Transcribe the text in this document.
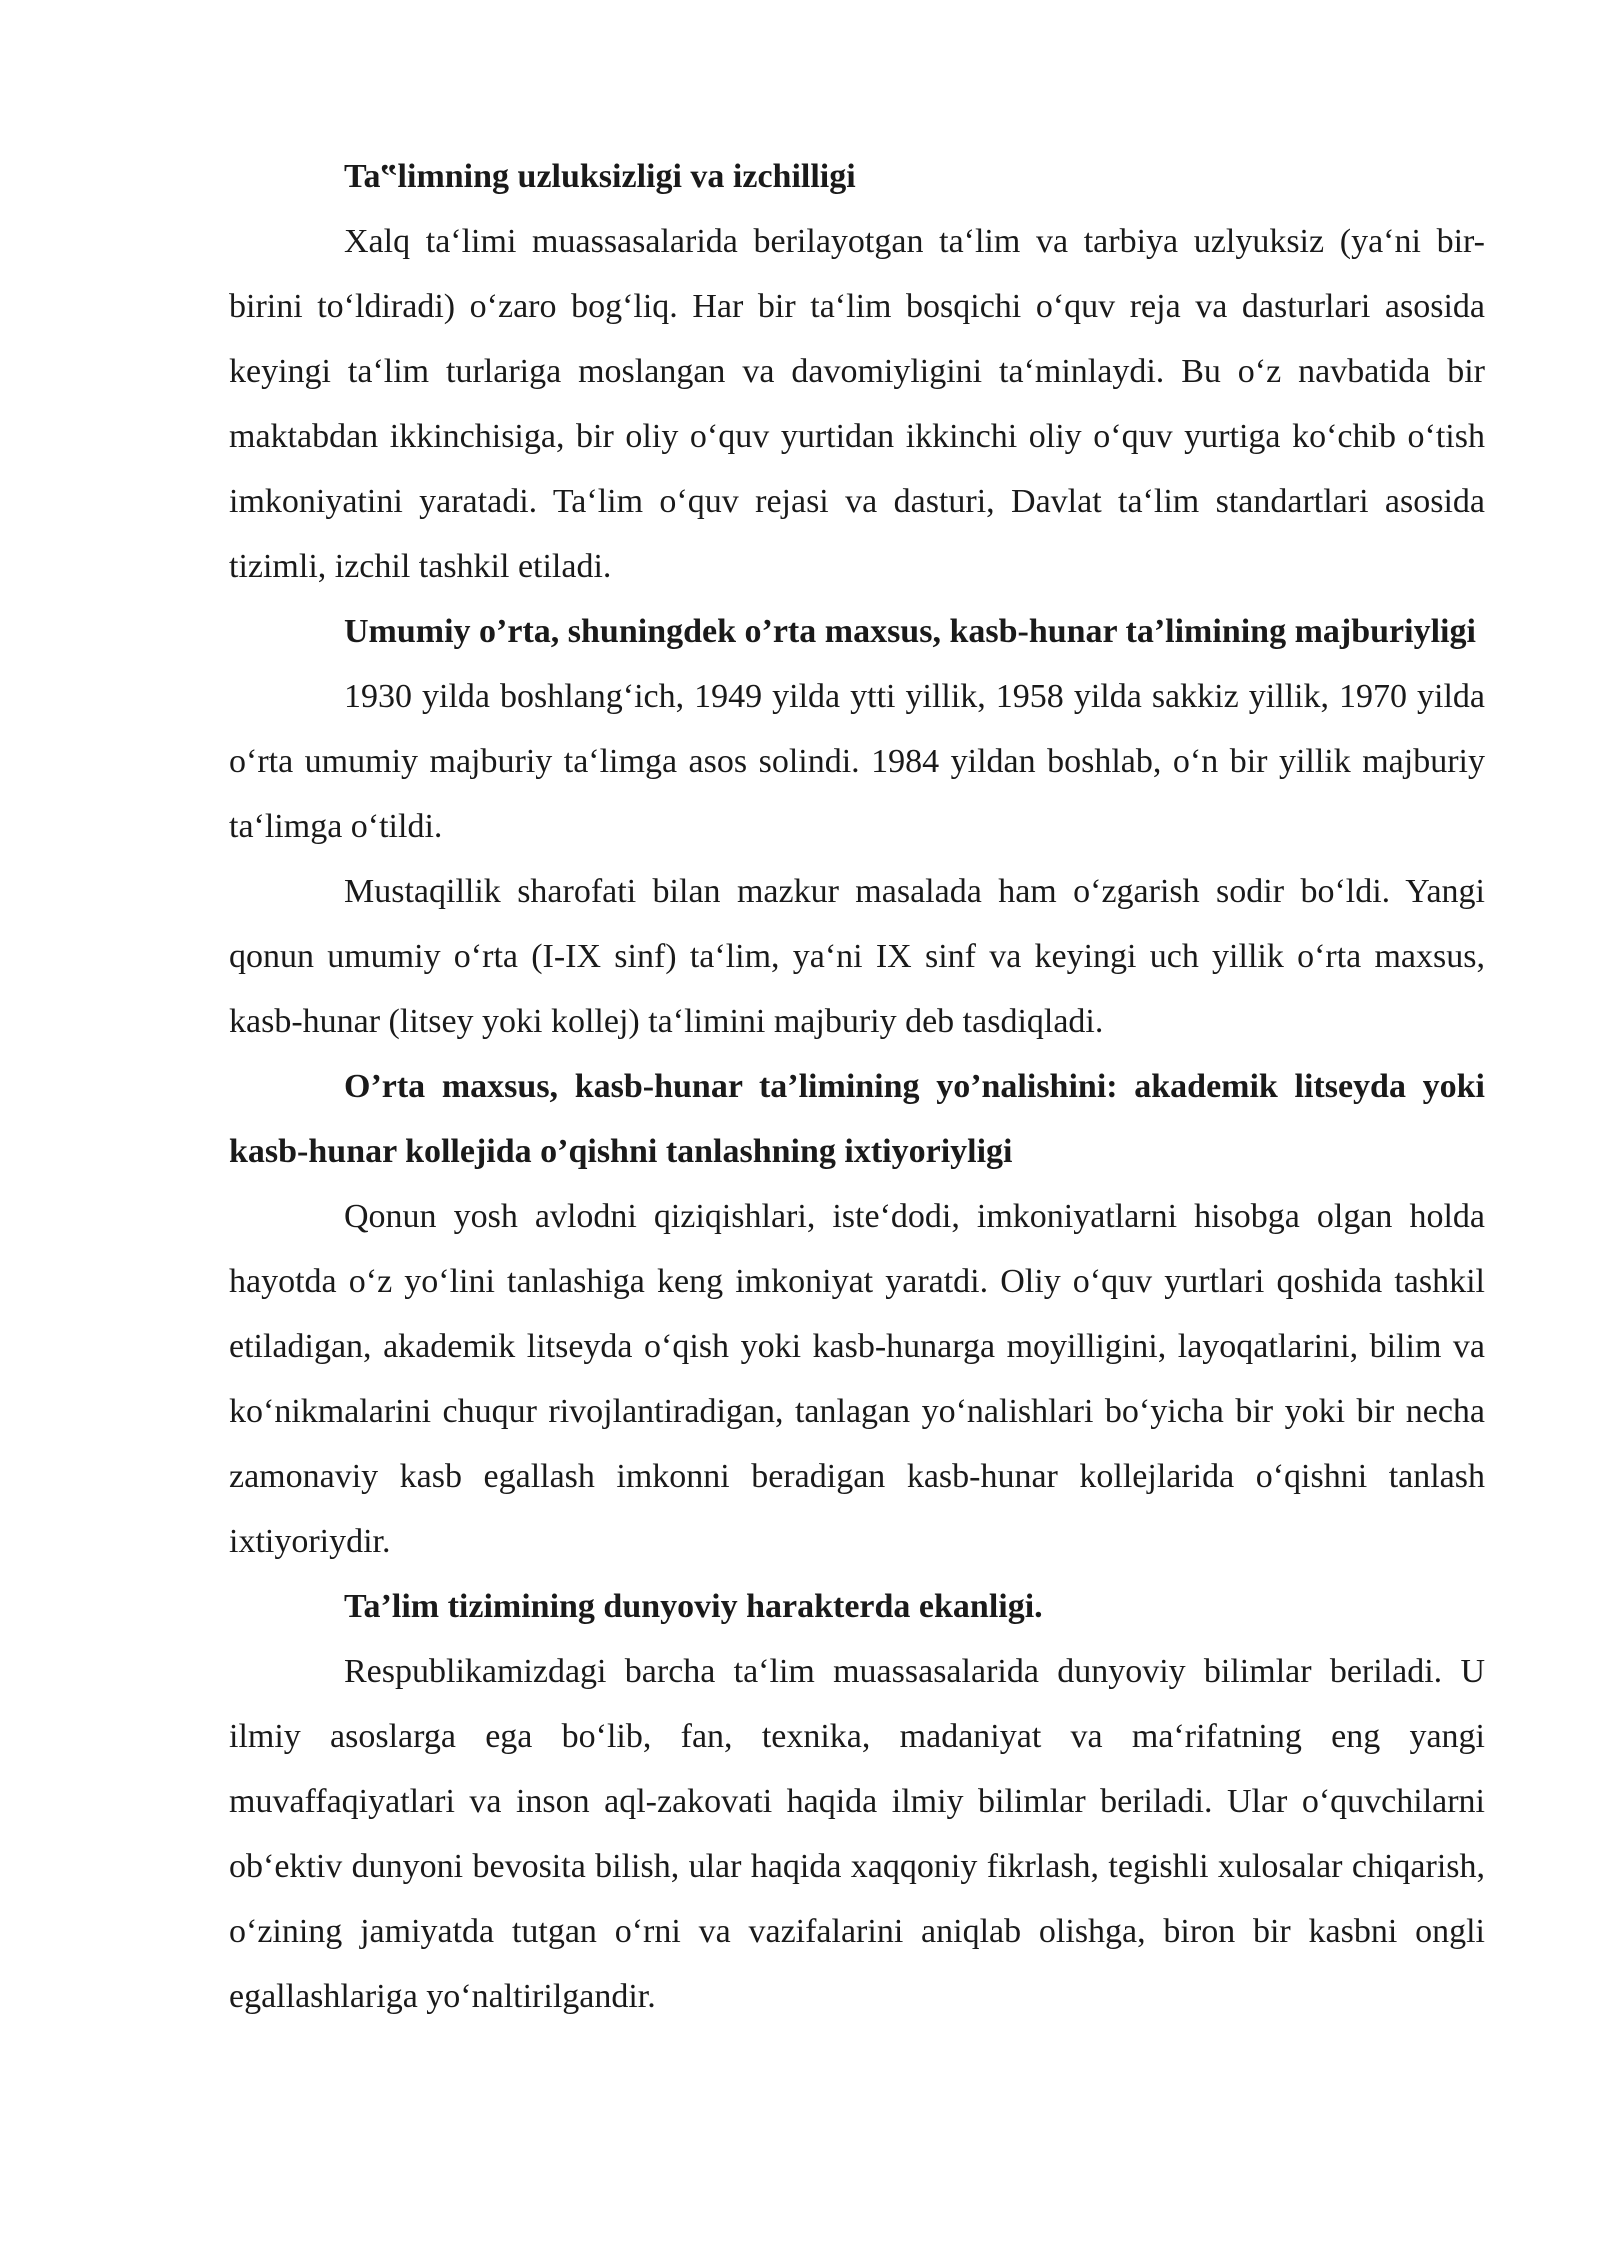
Ta‟limning uzluksizligi va izchilligi

Xalq ta‘limi muassasalarida berilayotgan ta‘lim va tarbiya uzlyuksiz (ya‘ni bir-birini to‘ldiradi) o‘zaro bog‘liq. Har bir ta‘lim bosqichi o‘quv reja va dasturlari asosida keyingi ta‘lim turlariga moslangan va davomiyligini ta‘minlaydi. Bu o‘z navbatida bir maktabdan ikkinchisiga, bir oliy o‘quv yurtidan ikkinchi oliy o‘quv yurtiga ko‘chib o‘tish imkoniyatini yaratadi. Ta‘lim o‘quv rejasi va dasturi, Davlat ta‘lim standartlari asosida tizimli, izchil tashkil etiladi.

Umumiy o’rta, shuningdek o’rta maxsus, kasb-hunar ta’limining majburiyligi

1930 yilda boshlang‘ich, 1949 yilda ytti yillik, 1958 yilda sakkiz yillik, 1970 yilda o‘rta umumiy majburiy ta‘limga asos solindi. 1984 yildan boshlab, o‘n bir yillik majburiy ta‘limga o‘tildi.

Mustaqillik sharofati bilan mazkur masalada ham o‘zgarish sodir bo‘ldi. Yangi qonun umumiy o‘rta (I-IX sinf) ta‘lim, ya‘ni IX sinf va keyingi uch yillik o‘rta maxsus, kasb-hunar (litsey yoki kollej) ta‘limini majburiy deb tasdiqladi.

O’rta maxsus, kasb-hunar ta’limining yo’nalishini: akademik litseyda yoki kasb-hunar kollejida o’qishni tanlashning ixtiyoriyligi

Qonun yosh avlodni qiziqishlari, iste‘dodi, imkoniyatlarni hisobga olgan holda hayotda o‘z yo‘lini tanlashiga keng imkoniyat yaratdi. Oliy o‘quv yurtlari qoshida tashkil etiladigan, akademik litseyda o‘qish yoki kasb-hunarga moyilligini, layoqatlarini, bilim va ko‘nikmalarini chuqur rivojlantiradigan, tanlagan yo‘nalishlari bo‘yicha bir yoki bir necha zamonaviy kasb egallash imkonni beradigan kasb-hunar kollejlarida o‘qishni tanlash ixtiyoriydir.

Ta’lim tizimining dunyoviy harakterda ekanligi.

Respublikamizdagi barcha ta‘lim muassasalarida dunyoviy bilimlar beriladi. U ilmiy asoslarga ega bo‘lib, fan, texnika, madaniyat va ma‘rifatning eng yangi muvaffaqiyatlari va inson aql-zakovati haqida ilmiy bilimlar beriladi. Ular o‘quvchilarni ob‘ektiv dunyoni bevosita bilish, ular haqida xaqqoniy fikrlash, tegishli xulosalar chiqarish, o‘zining jamiyatda tutgan o‘rni va vazifalarini aniqlab olishga, biron bir kasbni ongli egallashlariga yo‘naltirilgandir.
